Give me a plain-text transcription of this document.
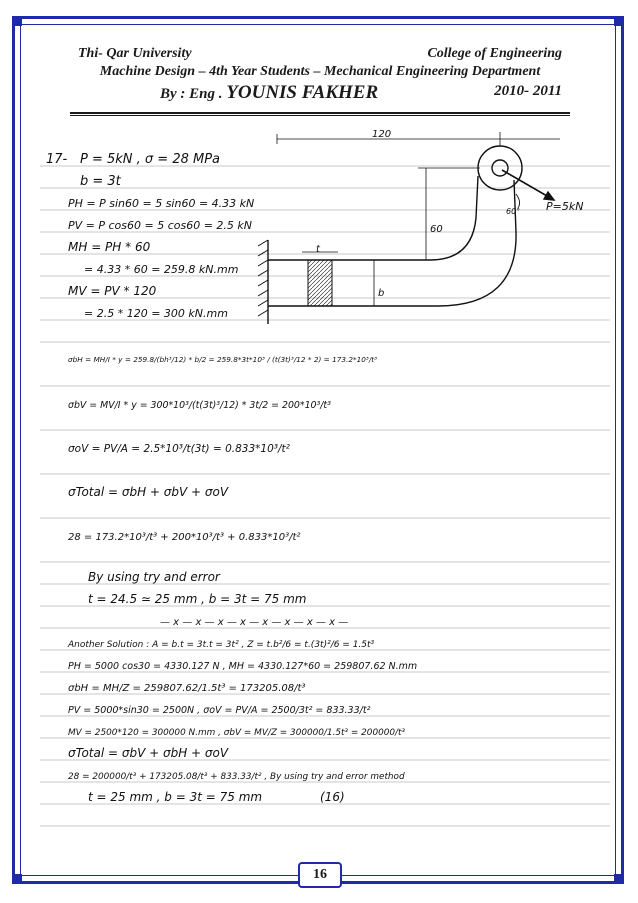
Thi- Qar University	College of Engineering
Machine Design – 4th Year Students – Mechanical Engineering Department
By : Eng . YOUNIS FAKHER	2010- 2011
120
60
P=5kN
60°
t
b
17- P = 5kN , σ = 28 MPa
b = 3t
PH = P sin60 = 5 sin60 = 4.33 kN
PV = P cos60 = 5 cos60 = 2.5 kN
MH = PH * 60
= 4.33 * 60 = 259.8 kN.mm
MV = PV * 120
= 2.5 * 120 = 300 kN.mm
σbH = MH/I * y = 259.8/(bh³/12) * b/2 = 259.8*3t*10³ / (t(3t)³/12 * 2) = 173.2*10³/t³
σbV = MV/I * y = 300*10³/(t(3t)³/12) * 3t/2 = 200*10³/t³
σoV = PV/A = 2.5*10³/t(3t) = 0.833*10³/t²
σTotal = σbH + σbV + σoV
28 = 173.2*10³/t³ + 200*10³/t³ + 0.833*10³/t²
By using try and error
t = 24.5 ≃ 25 mm , b = 3t = 75 mm
— x — x — x — x — x — x — x — x —
Another Solution : A = b.t = 3t.t = 3t² , Z = t.b²/6 = t.(3t)²/6 = 1.5t³
PH = 5000 cos30 = 4330.127 N , MH = 4330.127*60 = 259807.62 N.mm
σbH = MH/Z = 259807.62/1.5t³ = 173205.08/t³
PV = 5000*sin30 = 2500N , σoV = PV/A = 2500/3t² = 833.33/t²
MV = 2500*120 = 300000 N.mm , σbV = MV/Z = 300000/1.5t³ = 200000/t³
σTotal = σbV + σbH + σoV
28 = 200000/t³ + 173205.08/t³ + 833.33/t² , By using try and error method
t = 25 mm , b = 3t = 75 mm	(16)
16
